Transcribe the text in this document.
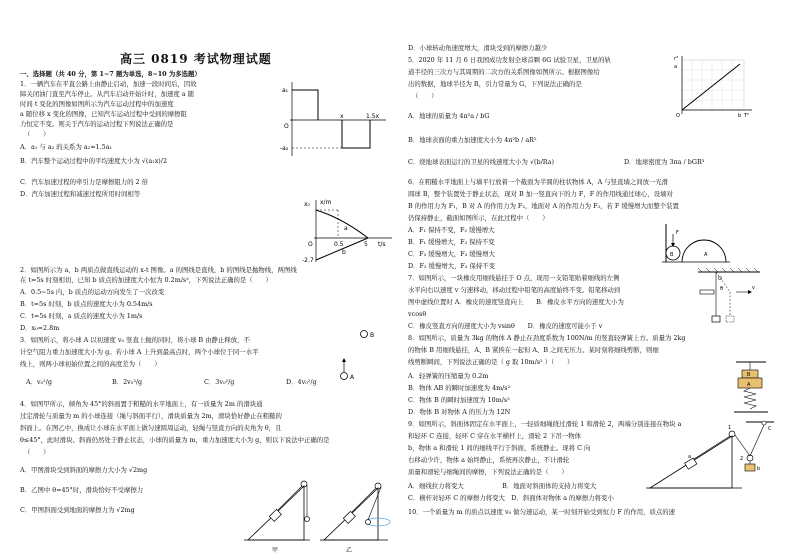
高三 0819 考试物理试题
一、选择题（共 40 分，第 1~7 题为单选，8~10 为多选题）
1．一辆汽车在平直公路上由静止启动，加速一段时间后，因故
障关闭油门直至汽车停止。从汽车启动开始计时，加速度 a 随
时间 t 变化的图像如图所示为汽车运动过程中的加速度
a 随位移 x 变化的图像，已知汽车运动过程中受到的摩擦阻
力恒定不变。则关于汽车的运动过程下列说法正确的是
（　　）
A．a₁ 与 a₂ 的关系为 a₂=1.5a₁
B．汽车整个运动过程中的平均速度大小为 √(a₁x)/2
C．汽车加速过程的牵引力是摩擦阻力的 2 倍
D．汽车加速过程和减速过程所用时间相等
a₁
-a₂
x	1.5x
O
x₀ x/m
t/s
0.5	5
a
b
-2.7
O
2．如图所示为 a、b 两质点做直线运动的 x-t 图像。a 的图线是直线，b 的图线是抛物线，两图线
在 t=5s 时刻相切，已知 b 质点的加速度大小恒为 0.2m/s²，下列说法正确的是（　　）
A．0.5~5s 内，b 质点的运动方向发生了一次改变
B．t=5s 时刻，b 质点的速度大小为 0.54m/s
C．t=5s 时刻，a 质点的速度大小为 1m/s
D．x₀=2.8m
3．如图所示，将小球 A 以初速度 v₀ 竖直上抛的同时，将小球 B 由静止释放，不
计空气阻力重力加速度大小为 g。若小球 A 上升到最高点时，两个小球位于同一水平
线上，则两小球初始位置之间的高度差为（　　）
A．v₀²/g	B．2v₀²/g	C．3v₀²/g	D．4v₀²/g
B
A
4．如图甲所示，倾角为 45°的斜面置于粗糙的水平地面上，有一质量为 2m 的滑块通
过定滑轮与质量为 m 的小球连接（绳与斜面平行），滑块质量为 2m，滑块恰好静止在粗糙的
斜面上。在图乙中，换成让小球在水平面上做匀速圆周运动，轻绳与竖直方向的夹角为 θ，且
θ≤45°，此时滑块、斜面仍然处于静止状态，小球的质量为 m，重力加速度大小为 g，则以下说法中正确的是
（　　）
A．甲图滑块受到斜面的摩擦力大小为 √2mg
B．乙图中 θ=45°时，滑块恰好不受摩擦力
C．甲图斜面受到地面的摩擦力为 √2mg
甲	乙
D．小球转动角速度增大，滑块受到的摩擦力越少
5．2020 年 11 月 6 日我国成功发射全球首颗 6G 试验卫星，卫星的轨
道半径的三次方与其周期的二次方的关系图像如图所示。根据图像给
出的数据，地球半径为 R，引力常量为 G，下列说法正确的是
（　　）
A．地球的质量为 4π²a / bG
B．地球表面的重力加速度大小为 4π²b / aR²
C．绕地球表面运行的卫星的线速度大小为 √(b/Ra)	D．地球密度为 3πa / bGR³
r³
T²
a
b
O
6．在粗糙水平地面上与墙平行放着一个截面为半圆的柱状物体 A，A 与竖直墙之间放一光滑
圆球 B，整个装置处于静止状态，现对 B 加一竖直向下的力 F，F 的作用线通过球心，设墙对
B 的作用力为 F₁，B 对 A 的作用力为 F₂，地面对 A 的作用力为 F₃，若 F 缓慢增大而整个装置
仍保持静止，截面如图所示，在此过程中（　　）
A．F₁ 保持不变，F₃ 缓慢增大
B．F₁ 缓慢增大，F₃ 保持不变
C．F₂ 缓慢增大，F₃ 缓慢增大
D．F₂ 缓慢增大，F₃ 保持不变
F
B	A
7．如图所示，一块橡皮用细线悬挂于 O 点，现用一支铅笔贴着细线的左侧
水平向右以速度 v 匀速移动，移动过程中铅笔的高度始终不变。铅笔移动到
图中虚线位置时 A．橡皮的速度竖直向上　　B．橡皮水平方向的速度大小为
vcosθ
C．橡皮竖直方向的速度大小为 vsinθ　　D．橡皮的速度可能小于 v
O
v
θ
8．如图所示，质量为 3kg 的物体 A 静止在劲度系数为 100N/m 的竖直轻弹簧上方。质量为 2kg
的物体 B 用细线悬挂，A、B 紧挨在一起但 A、B 之间无压力。某时刻将细线剪断，则细
线剪断瞬间，下列说法正确的是（ g 取 10m/s² ）（　　）
A．轻弹簧的压缩量为 0.2m
B．物体 AB 的瞬时加速度为 4m/s²
C．物体 B 的瞬时加速度为 10m/s²
D．物体 B 对物体 A 的压力为 12N
B
A
9．如图所示，斜面体固定在水平面上，一轻质细绳绕过滑轮 1 和滑轮 2，两端分别连接在物块 a
和轻环 C 连接，轻环 C 穿在水平横杆上，滑轮 2 下吊一物体
b，物体 a 和滑轮 1 间的细线平行于斜面，系统静止。现将 C 向
右移动少许，物体 a 始终静止，系统再次静止，不计滑轮
质量和滑轮与细绳间的摩擦，下列说法正确的是（　　）
A．细线拉力将变大　　　　　　B．地面对斜面体的支持力将变大
C．横杆对轻环 C 的摩擦力将变大　D．斜面体对物体 a 的摩擦力将变小
10．一个质量为 m 的质点以速度 v₀ 做匀速运动，某一时刻开始受到恒力 F 的作用，质点的速
a
b
C
1
2
